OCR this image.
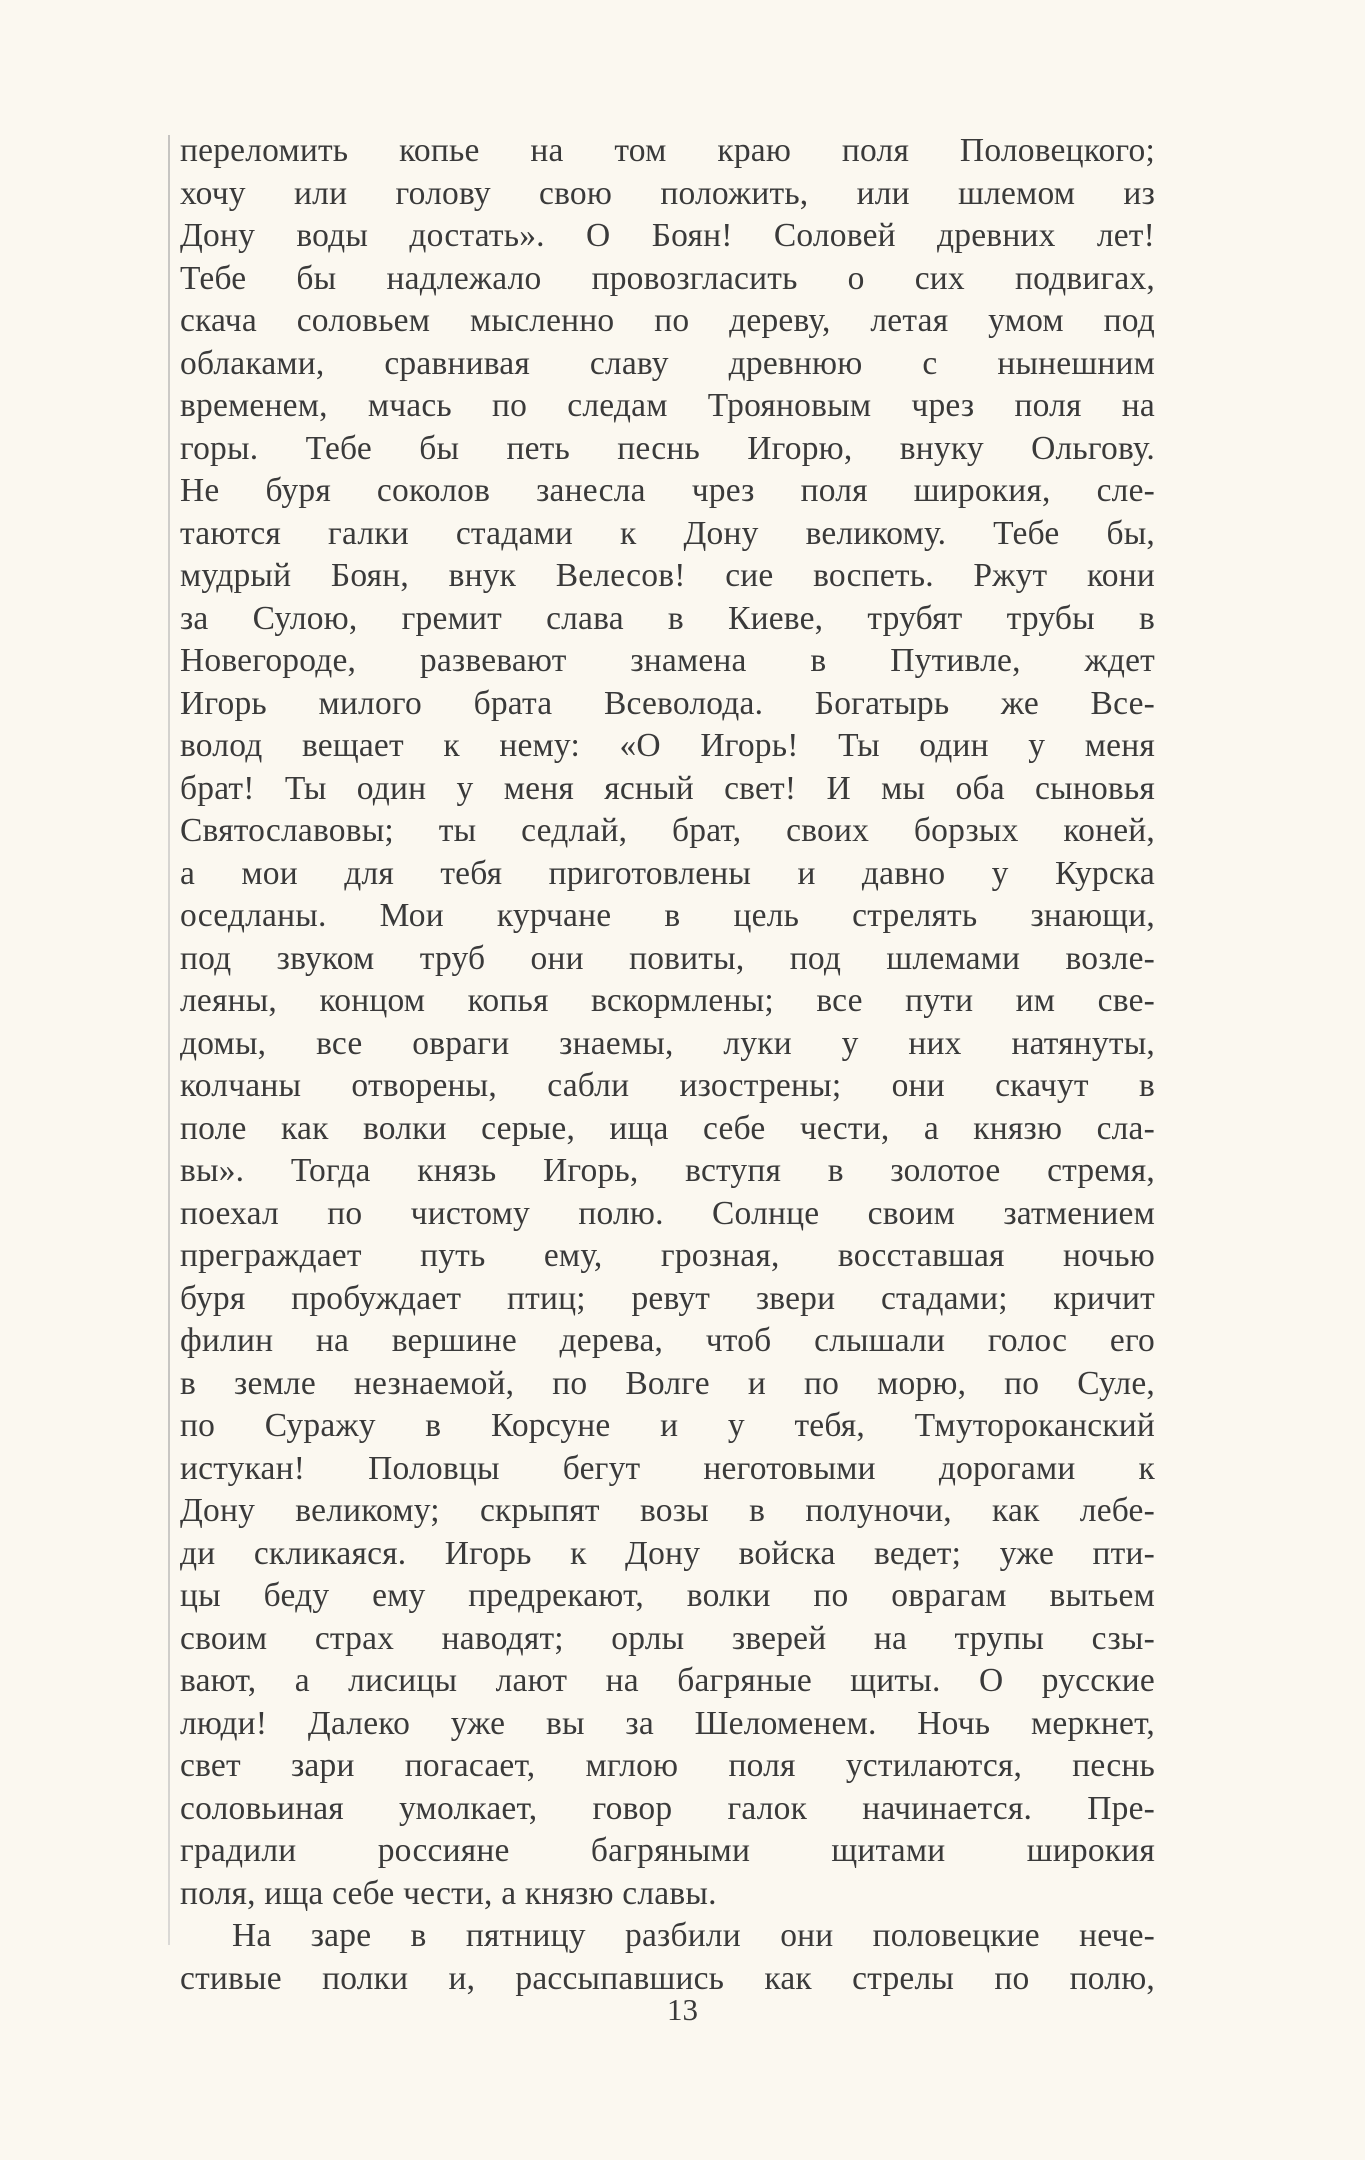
переломить копье на том краю поля Половецкого;
хочу или голову свою положить, или шлемом из
Дону воды достать». О Боян! Соловей древних лет!
Тебе бы надлежало провозгласить о сих подвигах,
скача соловьем мысленно по дереву, летая умом под
облаками, сравнивая славу древнюю с нынешним
временем, мчась по следам Трояновым чрез поля на
горы. Тебе бы петь песнь Игорю, внуку Ольгову.
Не буря соколов занесла чрез поля широкия, сле-
таются галки стадами к Дону великому. Тебе бы,
мудрый Боян, внук Велесов! сие воспеть. Ржут кони
за Сулою, гремит слава в Киеве, трубят трубы в
Новегороде, развевают знамена в Путивле, ждет
Игорь милого брата Всеволода. Богатырь же Все-
волод вещает к нему: «О Игорь! Ты один у меня
брат! Ты один у меня ясный свет! И мы оба сыновья
Святославовы; ты седлай, брат, своих борзых коней,
а мои для тебя приготовлены и давно у Курска
оседланы. Мои курчане в цель стрелять знающи,
под звуком труб они повиты, под шлемами возле-
леяны, концом копья вскормлены; все пути им све-
домы, все овраги знаемы, луки у них натянуты,
колчаны отворены, сабли изострены; они скачут в
поле как волки серые, ища себе чести, а князю сла-
вы». Тогда князь Игорь, вступя в золотое стремя,
поехал по чистому полю. Солнце своим затмением
преграждает путь ему, грозная, восставшая ночью
буря пробуждает птиц; ревут звери стадами; кричит
филин на вершине дерева, чтоб слышали голос его
в земле незнаемой, по Волге и по морю, по Суле,
по Суражу в Корсуне и у тебя, Тмутороканский
истукан! Половцы бегут неготовыми дорогами к
Дону великому; скрыпят возы в полуночи, как лебе-
ди скликаяся. Игорь к Дону войска ведет; уже пти-
цы беду ему предрекают, волки по оврагам вытьем
своим страх наводят; орлы зверей на трупы сзы-
вают, а лисицы лают на багряные щиты. О русские
люди! Далеко уже вы за Шеломенем. Ночь меркнет,
свет зари погасает, мглою поля устилаются, песнь
соловьиная умолкает, говор галок начинается. Пре-
градили россияне багряными щитами широкия
поля, ища себе чести, а князю славы.
На заре в пятницу разбили они половецкие нече-
стивые полки и, рассыпавшись как стрелы по полю,
13
